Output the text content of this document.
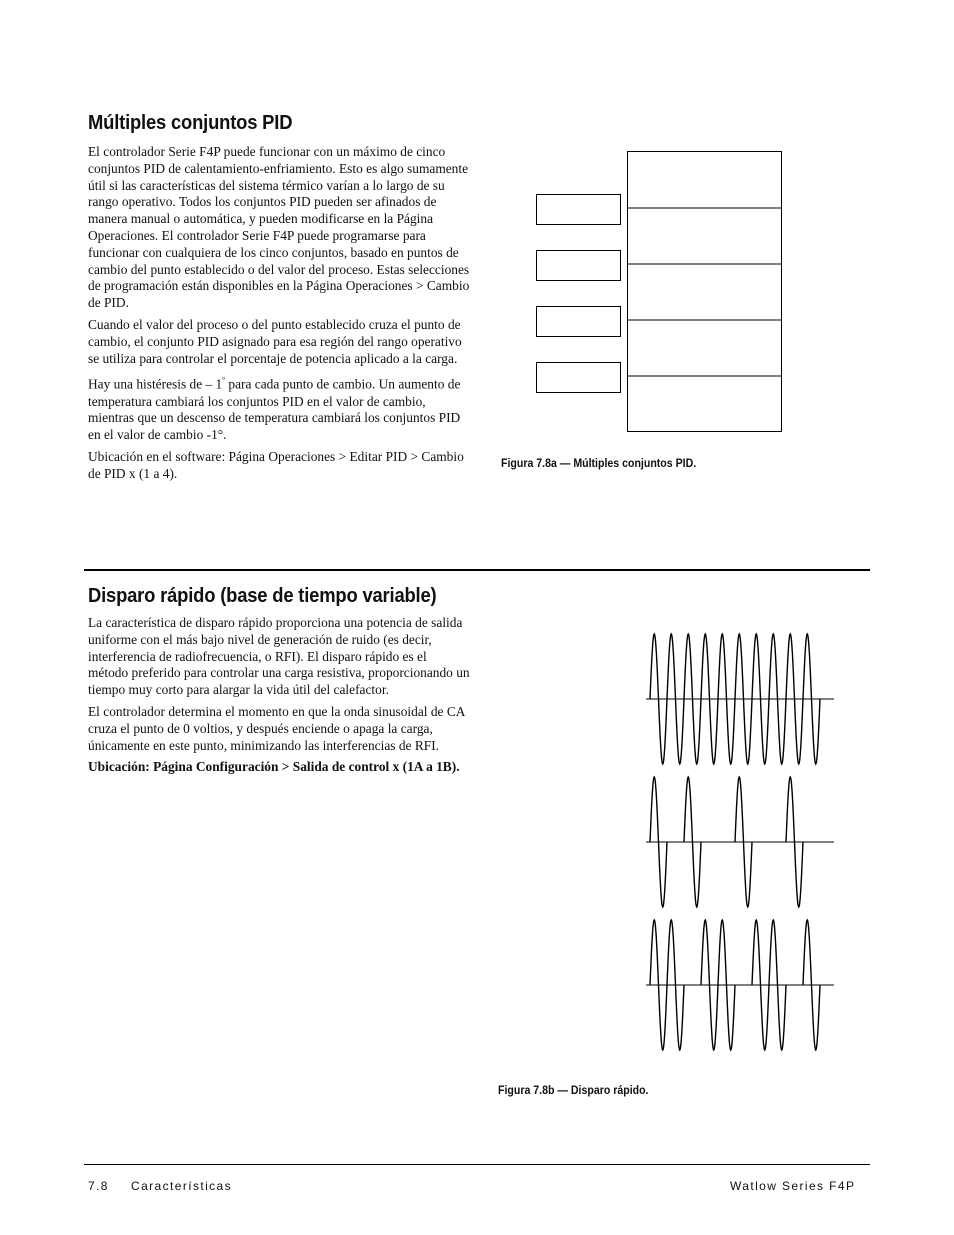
Múltiples conjuntos PID

El controlador Serie F4P puede funcionar con un máximo de cinco conjuntos PID de calentamiento-enfriamiento. Esto es algo sumamente útil si las características del sistema térmico varían a lo largo de su rango operativo. Todos los conjuntos PID pueden ser afinados de manera manual o automática, y pueden modificarse en la Página Operaciones. El controlador Serie F4P puede programarse para funcionar con cualquiera de los cinco conjuntos, basado en puntos de cambio del punto establecido o del valor del proceso. Estas selecciones de programación están disponibles en la Página Operaciones > Cambio de PID.

Cuando el valor del proceso o del punto establecido cruza el punto de cambio, el conjunto PID asignado para esa región del rango operativo se utiliza para controlar el porcentaje de potencia aplicado a la carga.

Hay una histéresis de – $1^º$ para cada punto de cambio. Un aumento de temperatura cambiará los conjuntos PID en el valor de cambio, mientras que un descenso de temperatura cambiará los conjuntos PID en el valor de cambio -1°.

Ubicación en el software: Página Operaciones > Editar PID > Cambio de PID x (1 a 4).

Figura 7.8a — Múltiples conjuntos PID.
Disparo rápido (base de tiempo variable)

La característica de disparo rápido proporciona una potencia de salida uniforme con el más bajo nivel de generación de ruido (es decir, interferencia de radiofrecuencia, o RFI). El disparo rápido es el método preferido para controlar una carga resistiva, proporcionando un tiempo muy corto para alargar la vida útil del calefactor.

El controlador determina el momento en que la onda sinusoidal de CA cruza el punto de 0 voltios, y después enciende o apaga la carga, únicamente en este punto, minimizando las interferencias de RFI.

Ubicación: Página Configuración > Salida de control x (1A a 1B).

Figura 7.8b — Disparo rápido.
7.8 Características	Watlow Series F4P
